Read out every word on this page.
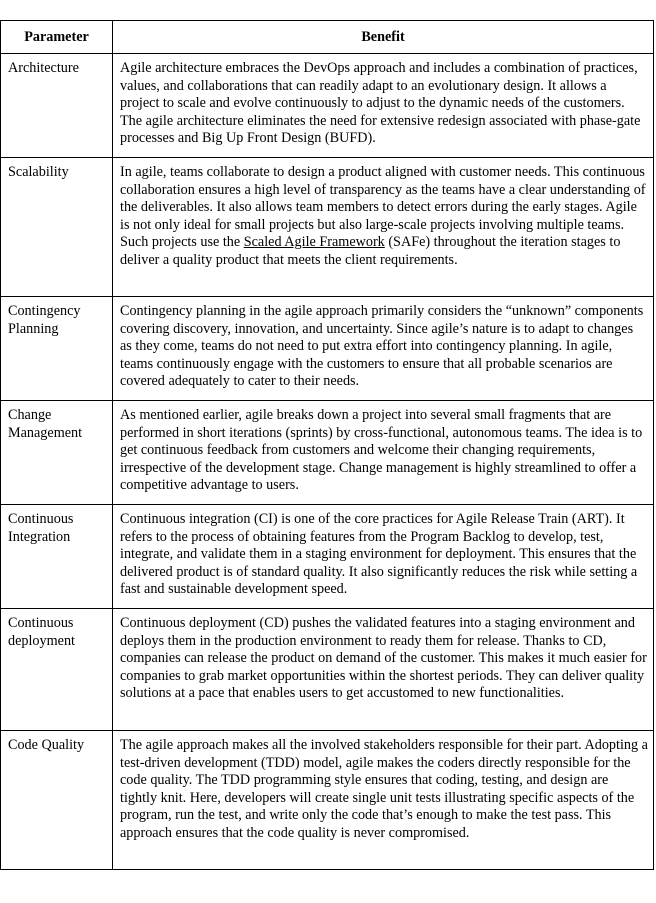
Parameter	Benefit
Architecture	Agile architecture embraces the DevOps approach and includes a combination of practices, values, and collaborations that can readily adapt to an evolutionary design. It allows a project to scale and evolve continuously to adjust to the dynamic needs of the customers. The agile architecture eliminates the need for extensive redesign associated with phase-gate processes and Big Up Front Design (BUFD).
Scalability	In agile, teams collaborate to design a product aligned with customer needs. This continuous collaboration ensures a high level of transparency as the teams have a clear understanding of the deliverables. It also allows team members to detect errors during the early stages. Agile is not only ideal for small projects but also large-scale projects involving multiple teams. Such projects use the Scaled Agile Framework (SAFe) throughout the iteration stages to deliver a quality product that meets the client requirements.
Contingency Planning	Contingency planning in the agile approach primarily considers the “unknown” components covering discovery, innovation, and uncertainty. Since agile’s nature is to adapt to changes as they come, teams do not need to put extra effort into contingency planning. In agile, teams continuously engage with the customers to ensure that all probable scenarios are covered adequately to cater to their needs.
Change Management	As mentioned earlier, agile breaks down a project into several small fragments that are performed in short iterations (sprints) by cross-functional, autonomous teams. The idea is to get continuous feedback from customers and welcome their changing requirements, irrespective of the development stage. Change management is highly streamlined to offer a competitive advantage to users.
Continuous Integration	Continuous integration (CI) is one of the core practices for Agile Release Train (ART). It refers to the process of obtaining features from the Program Backlog to develop, test, integrate, and validate them in a staging environment for deployment. This ensures that the delivered product is of standard quality. It also significantly reduces the risk while setting a fast and sustainable development speed.
Continuous deployment	Continuous deployment (CD) pushes the validated features into a staging environment and deploys them in the production environment to ready them for release. Thanks to CD, companies can release the product on demand of the customer. This makes it much easier for companies to grab market opportunities within the shortest periods. They can deliver quality solutions at a pace that enables users to get accustomed to new functionalities.
Code Quality	The agile approach makes all the involved stakeholders responsible for their part. Adopting a test-driven development (TDD) model, agile makes the coders directly responsible for the code quality. The TDD programming style ensures that coding, testing, and design are tightly knit. Here, developers will create single unit tests illustrating specific aspects of the program, run the test, and write only the code that’s enough to make the test pass. This approach ensures that the code quality is never compromised.
